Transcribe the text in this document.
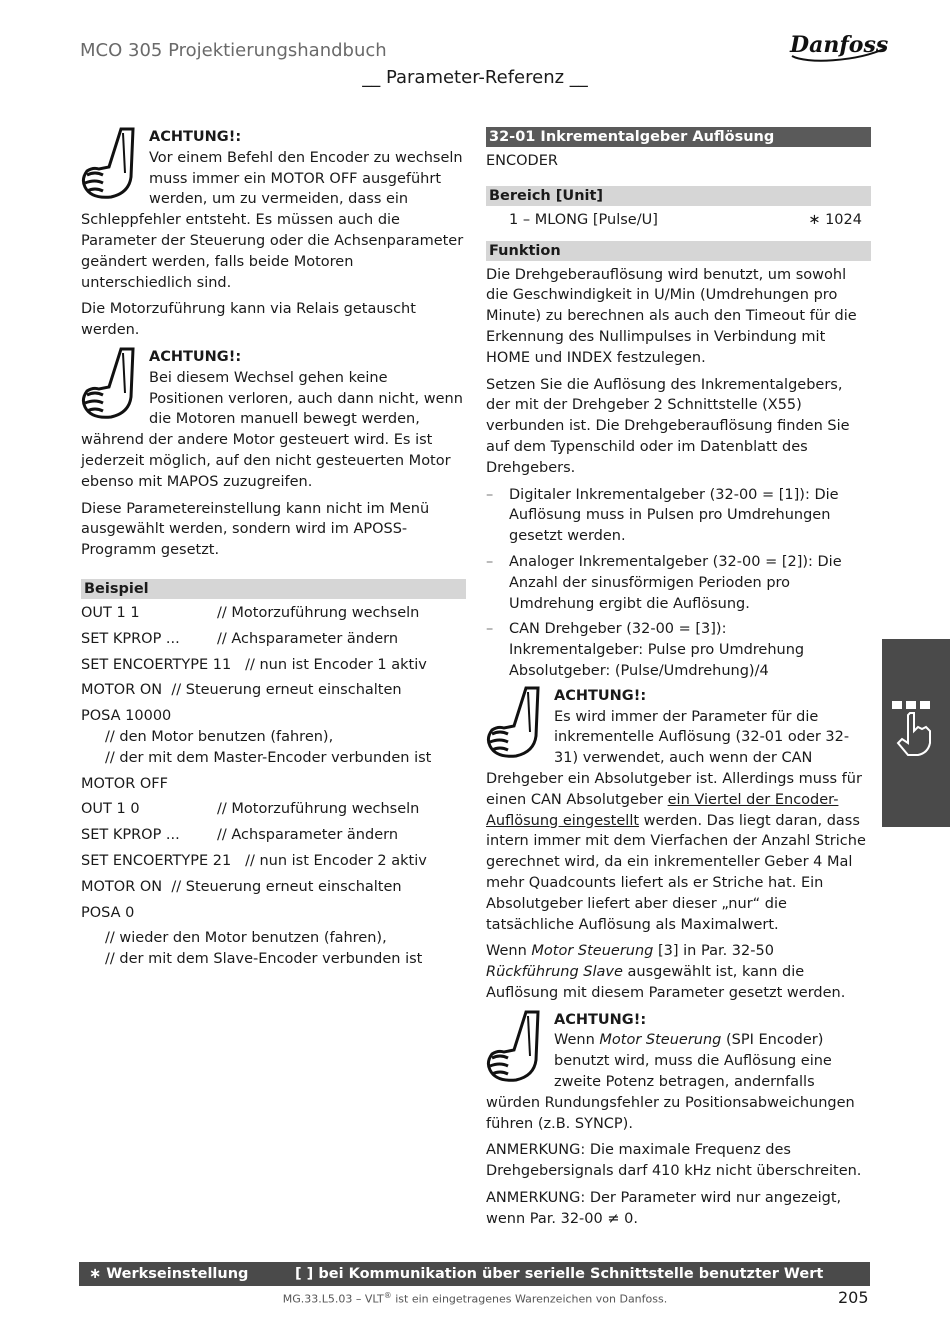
MCO 305 Projektierungshandbuch	Danfoss
__ Parameter-Referenz __
ACHTUNG!:
Vor einem Befehl den Encoder zu wechseln muss immer ein MOTOR OFF ausgeführt werden, um zu vermeiden, dass ein Schleppfehler entsteht. Es müssen auch die Parameter der Steuerung oder die Achsenparameter geändert werden, falls beide Motoren unterschiedlich sind.

Die Motorzuführung kann via Relais getauscht werden.

ACHTUNG!:
Bei diesem Wechsel gehen keine Positionen verloren, auch dann nicht, wenn die Motoren manuell bewegt werden, während der andere Motor gesteuert wird. Es ist jederzeit möglich, auf den nicht gesteuerten Motor ebenso mit MAPOS zuzugreifen.

Diese Parametereinstellung kann nicht im Menü ausgewählt werden, sondern wird im APOSS-Programm gesetzt.

Beispiel
OUT 1 1	// Motorzuführung wechseln
SET KPROP ...	// Achsparameter ändern
SET ENCOERTYPE 11   // nun ist Encoder 1 aktiv
MOTOR ON  // Steuerung erneut einschalten
POSA 10000
// den Motor benutzen (fahren),
// der mit dem Master-Encoder verbunden ist
MOTOR OFF
OUT 1 0	// Motorzuführung wechseln
SET KPROP ...	// Achsparameter ändern
SET ENCOERTYPE 21   // nun ist Encoder 2 aktiv
MOTOR ON  // Steuerung erneut einschalten
POSA 0
// wieder den Motor benutzen (fahren),
// der mit dem Slave-Encoder verbunden ist
32-01 Inkrementalgeber Auflösung

ENCODER

Bereich [Unit]
1 – MLONG [Pulse/U]	∗ 1024
Funktion

Die Drehgeberauflösung wird benutzt, um sowohl die Geschwindigkeit in U/Min (Umdrehungen pro Minute) zu berechnen als auch den Timeout für die Erkennung des Nullimpulses in Verbindung mit HOME und INDEX festzulegen.

Setzen Sie die Auflösung des Inkrementalgebers, der mit der Drehgeber 2 Schnittstelle (X55) verbunden ist. Die Drehgeberauflösung finden Sie auf dem Typenschild oder im Datenblatt des Drehgebers.

– Digitaler Inkrementalgeber (32-00 = [1]): Die Auflösung muss in Pulsen pro Umdrehungen gesetzt werden.
– Analoger Inkrementalgeber (32-00 = [2]): Die Anzahl der sinusförmigen Perioden pro Umdrehung ergibt die Auflösung.
– CAN Drehgeber (32-00 = [3]):
Inkrementalgeber: Pulse pro Umdrehung
Absolutgeber: (Pulse/Umdrehung)/4
ACHTUNG!:
Es wird immer der Parameter für die inkrementelle Auflösung (32-01 oder 32-31) verwendet, auch wenn der CAN Drehgeber ein Absolutgeber ist. Allerdings muss für einen CAN Absolutgeber ein Viertel der Encoder-Auflösung eingestellt werden. Das liegt daran, dass intern immer mit dem Vierfachen der Anzahl Striche gerechnet wird, da ein inkrementeller Geber 4 Mal mehr Quadcounts liefert als er Striche hat. Ein Absolutgeber liefert aber dieser „nur“ die tatsächliche Auflösung als Maximalwert.

Wenn Motor Steuerung [3] in Par. 32-50 Rückführung Slave ausgewählt ist, kann die Auflösung mit diesem Parameter gesetzt werden.

ACHTUNG!:
Wenn Motor Steuerung (SPI Encoder) benutzt wird, muss die Auflösung eine zweite Potenz betragen, andernfalls würden Rundungsfehler zu Positionsabweichungen führen (z.B. SYNCP).

ANMERKUNG: Die maximale Frequenz des Drehgebersignals darf 410 kHz nicht überschreiten.

ANMERKUNG: Der Parameter wird nur angezeigt, wenn Par. 32-00 ≠ 0.

∗ Werkseinstellung	[ ] bei Kommunikation über serielle Schnittstelle benutzter Wert
MG.33.L5.03 – VLT® ist ein eingetragenes Warenzeichen von Danfoss.	205
